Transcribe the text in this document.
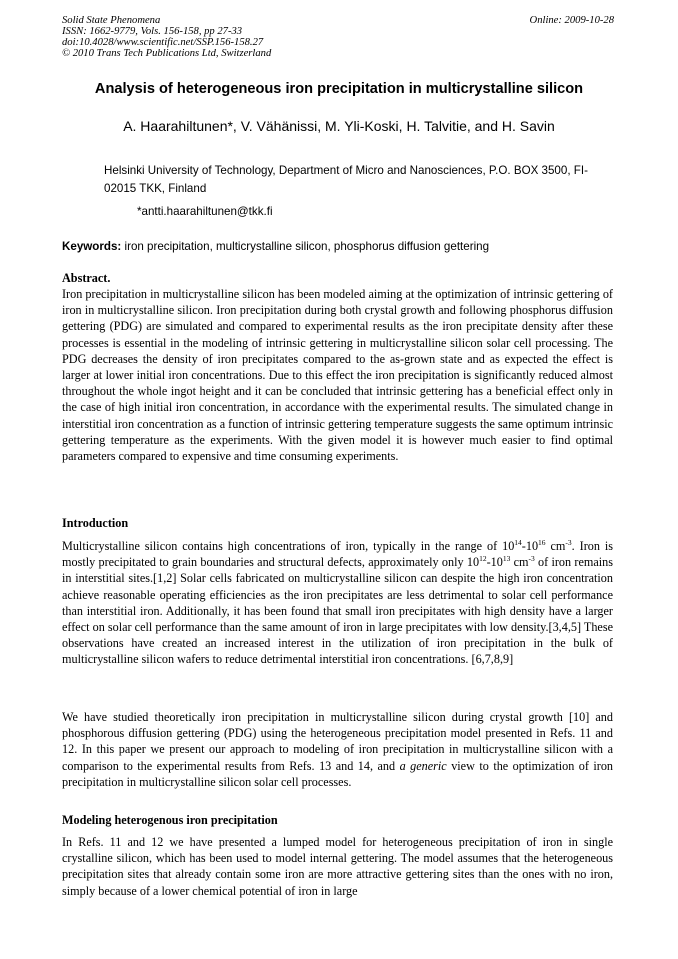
Solid State Phenomena
ISSN: 1662-9779, Vols. 156-158, pp 27-33
doi:10.4028/www.scientific.net/SSP.156-158.27
© 2010 Trans Tech Publications Ltd, Switzerland
Online: 2009-10-28
Analysis of heterogeneous iron precipitation in multicrystalline silicon
A. Haarahiltunen*, V. Vähänissi, M. Yli-Koski, H. Talvitie, and H. Savin
Helsinki University of Technology, Department of Micro and Nanosciences, P.O. BOX 3500, FI-02015 TKK, Finland
*antti.haarahiltunen@tkk.fi
Keywords: iron precipitation, multicrystalline silicon, phosphorus diffusion gettering
Abstract.
Iron precipitation in multicrystalline silicon has been modeled aiming at the optimization of intrinsic gettering of iron in multicrystalline silicon. Iron precipitation during both crystal growth and following phosphorus diffusion gettering (PDG) are simulated and compared to experimental results as the iron precipitate density after these processes is essential in the modeling of intrinsic gettering in multicrystalline silicon solar cell processing. The PDG decreases the density of iron precipitates compared to the as-grown state and as expected the effect is larger at lower initial iron concentrations. Due to this effect the iron precipitation is significantly reduced almost throughout the whole ingot height and it can be concluded that intrinsic gettering has a beneficial effect only in the case of high initial iron concentration, in accordance with the experimental results. The simulated change in interstitial iron concentration as a function of intrinsic gettering temperature suggests the same optimum intrinsic gettering temperature as the experiments. With the given model it is however much easier to find optimal parameters compared to expensive and time consuming experiments.
Introduction
Multicrystalline silicon contains high concentrations of iron, typically in the range of $10^{14}-10^{16}$ $cm^{-3}$. Iron is mostly precipitated to grain boundaries and structural defects, approximately only $10^{12}-10^{13}$ $cm^{-3}$ of iron remains in interstitial sites.[1,2] Solar cells fabricated on multicrystalline silicon can despite the high iron concentration achieve reasonable operating efficiencies as the iron precipitates are less detrimental to solar cell performance than interstitial iron. Additionally, it has been found that small iron precipitates with high density have a larger effect on solar cell performance than the same amount of iron in large precipitates with low density.[3,4,5] These observations have created an increased interest in the utilization of iron precipitation in the bulk of multicrystalline silicon wafers to reduce detrimental interstitial iron concentrations. [6,7,8,9]
We have studied theoretically iron precipitation in multicrystalline silicon during crystal growth [10] and phosphorous diffusion gettering (PDG) using the heterogeneous precipitation model presented in Refs. 11 and 12. In this paper we present our approach to modeling of iron precipitation in multicrystalline silicon with a comparison to the experimental results from Refs. 13 and 14, and a generic view to the optimization of iron precipitation in multicrystalline silicon solar cell processes.
Modeling heterogenous iron precipitation
In Refs. 11 and 12 we have presented a lumped model for heterogeneous precipitation of iron in single crystalline silicon, which has been used to model internal gettering. The model assumes that the heterogeneous precipitation sites that already contain some iron are more attractive gettering sites than the ones with no iron, simply because of a lower chemical potential of iron in large
